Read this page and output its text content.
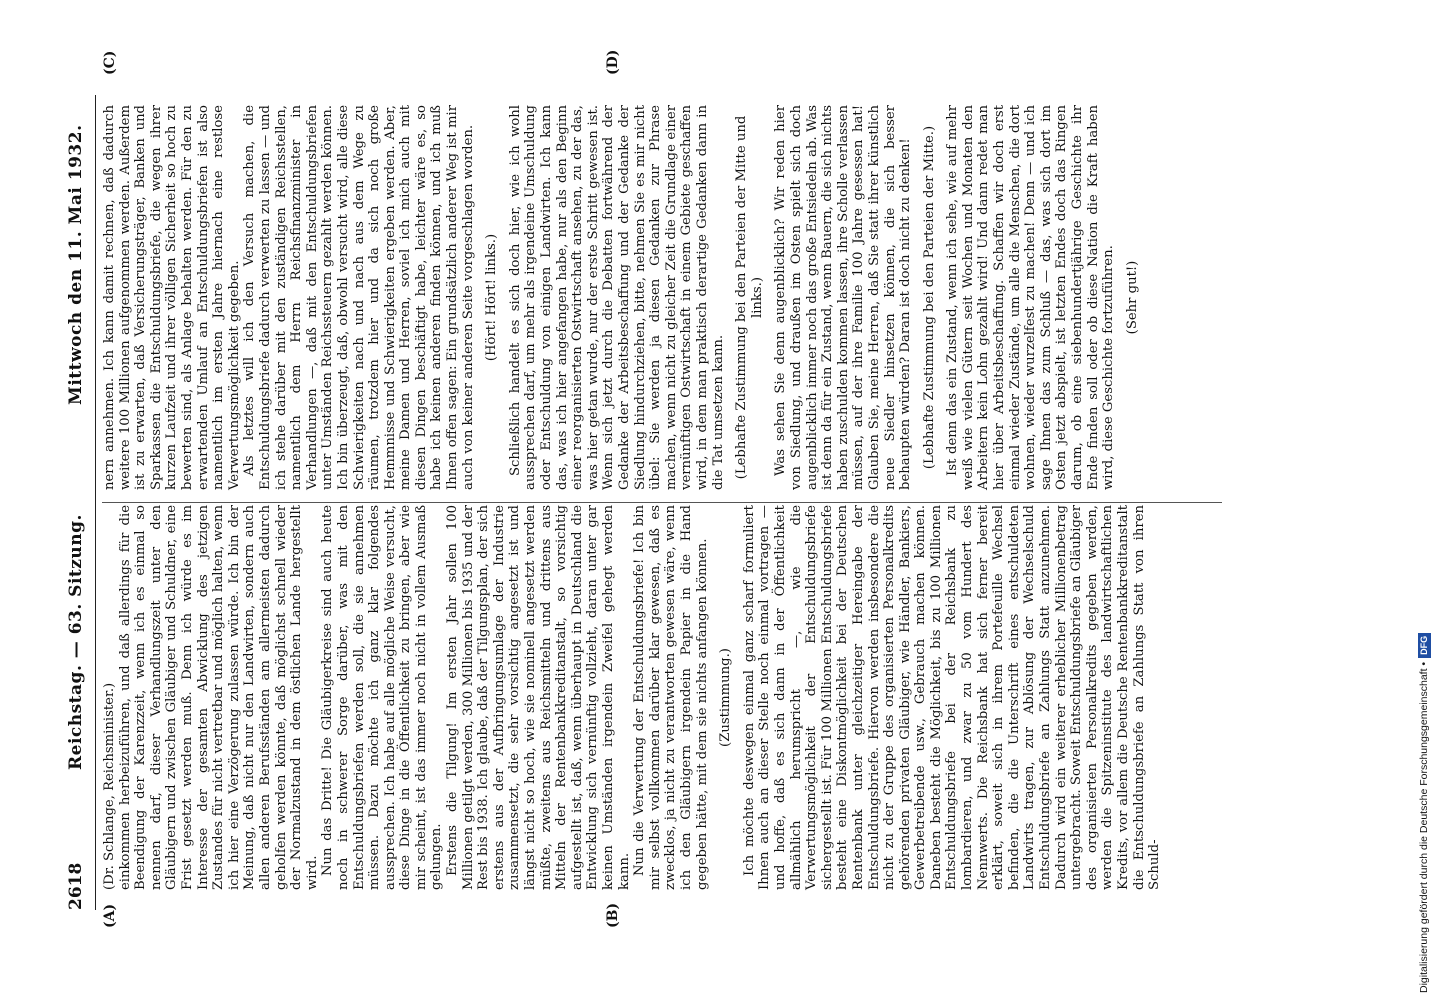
2618
Reichstag. — 63. Sitzung.
Mittwoch den 11. Mai 1932.
(A)	(B)
(C)	(D)

(Dr. Schlange, Reichsminister.) einkommen herbeizuführen, und daß allerdings für die Beendigung der Karenzzeit, wenn ich es einmal so nennen darf, dieser Verhandlungszeit unter den Gläubigern und zwischen Gläubiger und Schuldner, eine Frist gesetzt werden muß. Denn ich würde es im Interesse der gesamten Abwicklung des jetzigen Zustandes für nicht vertretbar und möglich halten, wenn ich hier eine Verzögerung zulassen würde. Ich bin der Meinung, daß nicht nur den Landwirten, sondern auch allen anderen Berufsständen am allermeisten dadurch geholfen werden könnte, daß möglichst schnell wieder der Normalzustand in dem östlichen Lande hergestellt wird. Nun das Dritte! Die Gläubigerkreise sind auch heute noch in schwerer Sorge darüber, was mit den Entschuldungsbriefen werden soll, die sie annehmen müssen. Dazu möchte ich ganz klar folgendes aussprechen. Ich habe auf alle mögliche Weise versucht, diese Dinge in die Öffentlichkeit zu bringen, aber wie mir scheint, ist das immer noch nicht in vollem Ausmaß gelungen. Erstens die Tilgung! Im ersten Jahr sollen 100 Millionen getilgt werden, 300 Millionen bis 1935 und der Rest bis 1938. Ich glaube, daß der Tilgungsplan, der sich erstens aus der Aufbringungsumlage der Industrie zusammensetzt, die sehr vorsichtig angesetzt ist und längst nicht so hoch, wie sie nominell angesetzt werden müßte, zweitens aus Reichsmitteln und drittens aus Mitteln der Rentenbankkreditanstalt, so vorsichtig aufgestellt ist, daß, wenn überhaupt in Deutschland die Entwicklung sich vernünftig vollzieht, daran unter gar keinen Umständen irgendein Zweifel gehegt werden kann. Nun die Verwertung der Entschuldungsbriefe! Ich bin mir selbst vollkommen darüber klar gewesen, daß es zwecklos, ja nicht zu verantworten gewesen wäre, wenn ich den Gläubigern irgendein Papier in die Hand gegeben hätte, mit dem sie nichts anfangen können. (Zustimmung.) Ich möchte deswegen einmal ganz scharf formuliert Ihnen auch an dieser Stelle noch einmal vortragen — und hoffe, daß es sich dann in der Öffentlichkeit allmählich herumspricht —, wie die Verwertungsmöglichkeit der Entschuldungsbriefe sichergestellt ist. Für 100 Millionen Entschuldungsbriefe besteht eine Diskontmöglichkeit bei der Deutschen Rentenbank unter gleichzeitiger Hereingabe der Entschuldungsbriefe. Hiervon werden insbesondere die nicht zu der Gruppe des organisierten Personalkredits gehörenden privaten Gläubiger, wie Händler, Bankiers, Gewerbetreibende usw., Gebrauch machen können. Daneben besteht die Möglichkeit, bis zu 100 Millionen Entschuldungsbriefe bei der Reichsbank zu lombardieren, und zwar zu 50 vom Hundert des Nennwerts. Die Reichsbank hat sich ferner bereit erklärt, soweit sich in ihrem Portefeuille Wechsel befinden, die die Unterschrift eines entschuldeten Landwirts tragen, zur Ablösung der Wechselschuld Entschuldungsbriefe an Zahlungs Statt anzunehmen. Dadurch wird ein weiterer erheblicher Millionenbetrag untergebracht. Soweit Entschuldungsbriefe an Gläubiger des organisierten Personalkredits gegeben werden, werden die Spitzeninstitute des landwirtschaftlichen Kredits, vor allem die Deutsche Rentenbankkreditanstalt die Entschuldungsbriefe an Zahlungs Statt von ihren Schuld-

nern annehmen. Ich kann damit rechnen, daß dadurch weitere 100 Millionen aufgenommen werden. Außerdem ist zu erwarten, daß Versicherungsträger, Banken und Sparkassen die Entschuldungsbriefe, die wegen ihrer kurzen Laufzeit und ihrer völligen Sicherheit so hoch zu bewerten sind, als Anlage behalten werden. Für den zu erwartenden Umlauf an Entschuldungsbriefen ist also namentlich im ersten Jahre hiernach eine restlose Verwertungsmöglichkeit gegeben. Als letztes will ich den Versuch machen, die Entschuldungsbriefe dadurch verwerten zu lassen — und ich stehe darüber mit den zuständigen Reichsstellen, namentlich dem Herrn Reichsfinanzminister in Verhandlungen —, daß mit den Entschuldungsbriefen unter Umständen Reichssteuern gezahlt werden können. Ich bin überzeugt, daß, obwohl versucht wird, alle diese Schwierigkeiten nach und nach aus dem Wege zu räumen, trotzdem hier und da sich noch große Hemmnisse und Schwierigkeiten ergeben werden. Aber, meine Damen und Herren, soviel ich mich auch mit diesen Dingen beschäftigt habe, leichter wäre es, so habe ich keinen anderen finden können, und ich muß Ihnen offen sagen: Ein grundsätzlich anderer Weg ist mir auch von keiner anderen Seite vorgeschlagen worden. (Hört! Hört! links.) Schließlich handelt es sich doch hier, wie ich wohl aussprechen darf, um mehr als irgendeine Umschuldung oder Entschuldung von einigen Landwirten. Ich kann das, was ich hier angefangen habe, nur als den Beginn einer reorganisierten Ostwirtschaft ansehen, zu der das, was hier getan wurde, nur der erste Schritt gewesen ist. Wenn sich jetzt durch die Debatten fortwährend der Gedanke der Arbeitsbeschaffung und der Gedanke der Siedlung hindurchziehen, bitte, nehmen Sie es mir nicht übel: Sie werden ja diesen Gedanken zur Phrase machen, wenn nicht zu gleicher Zeit die Grundlage einer vernünftigen Ostwirtschaft in einem Gebiete geschaffen wird, in dem man praktisch derartige Gedanken dann in die Tat umsetzen kann. (Lebhafte Zustimmung bei den Parteien der Mitte und links.) Was sehen Sie denn augenblicklich? Wir reden hier von Siedlung, und draußen im Osten spielt sich doch augenblicklich immer noch das große Entsiedeln ab. Was ist denn da für ein Zustand, wenn Bauern, die sich nichts haben zuschulden kommen lassen, ihre Scholle verlassen müssen, auf der ihre Familie 100 Jahre gesessen hat! Glauben Sie, meine Herren, daß Sie statt ihrer künstlich neue Siedler hinsetzen können, die sich besser behaupten würden? Daran ist doch nicht zu denken! (Lebhafte Zustimmung bei den Parteien der Mitte.) Ist denn das ein Zustand, wenn ich sehe, wie auf mehr weiß wie vielen Gütern seit Wochen und Monaten den Arbeitern kein Lohn gezahlt wird! Und dann redet man hier über Arbeitsbeschaffung. Schaffen wir doch erst einmal wieder Zustände, um alle die Menschen, die dort wohnen, wieder wurzelfest zu machen! Denn — und ich sage Ihnen das zum Schluß — das, was sich dort im Osten jetzt abspielt, ist letzten Endes doch das Ringen darum, ob eine siebenhundertjährige Geschichte ihr Ende finden soll oder ob diese Nation die Kraft haben wird, diese Geschichte fortzuführen. (Sehr gut!)

Digitalisierung gefördert durch die Deutsche Forschungsgemeinschaft •DFG
